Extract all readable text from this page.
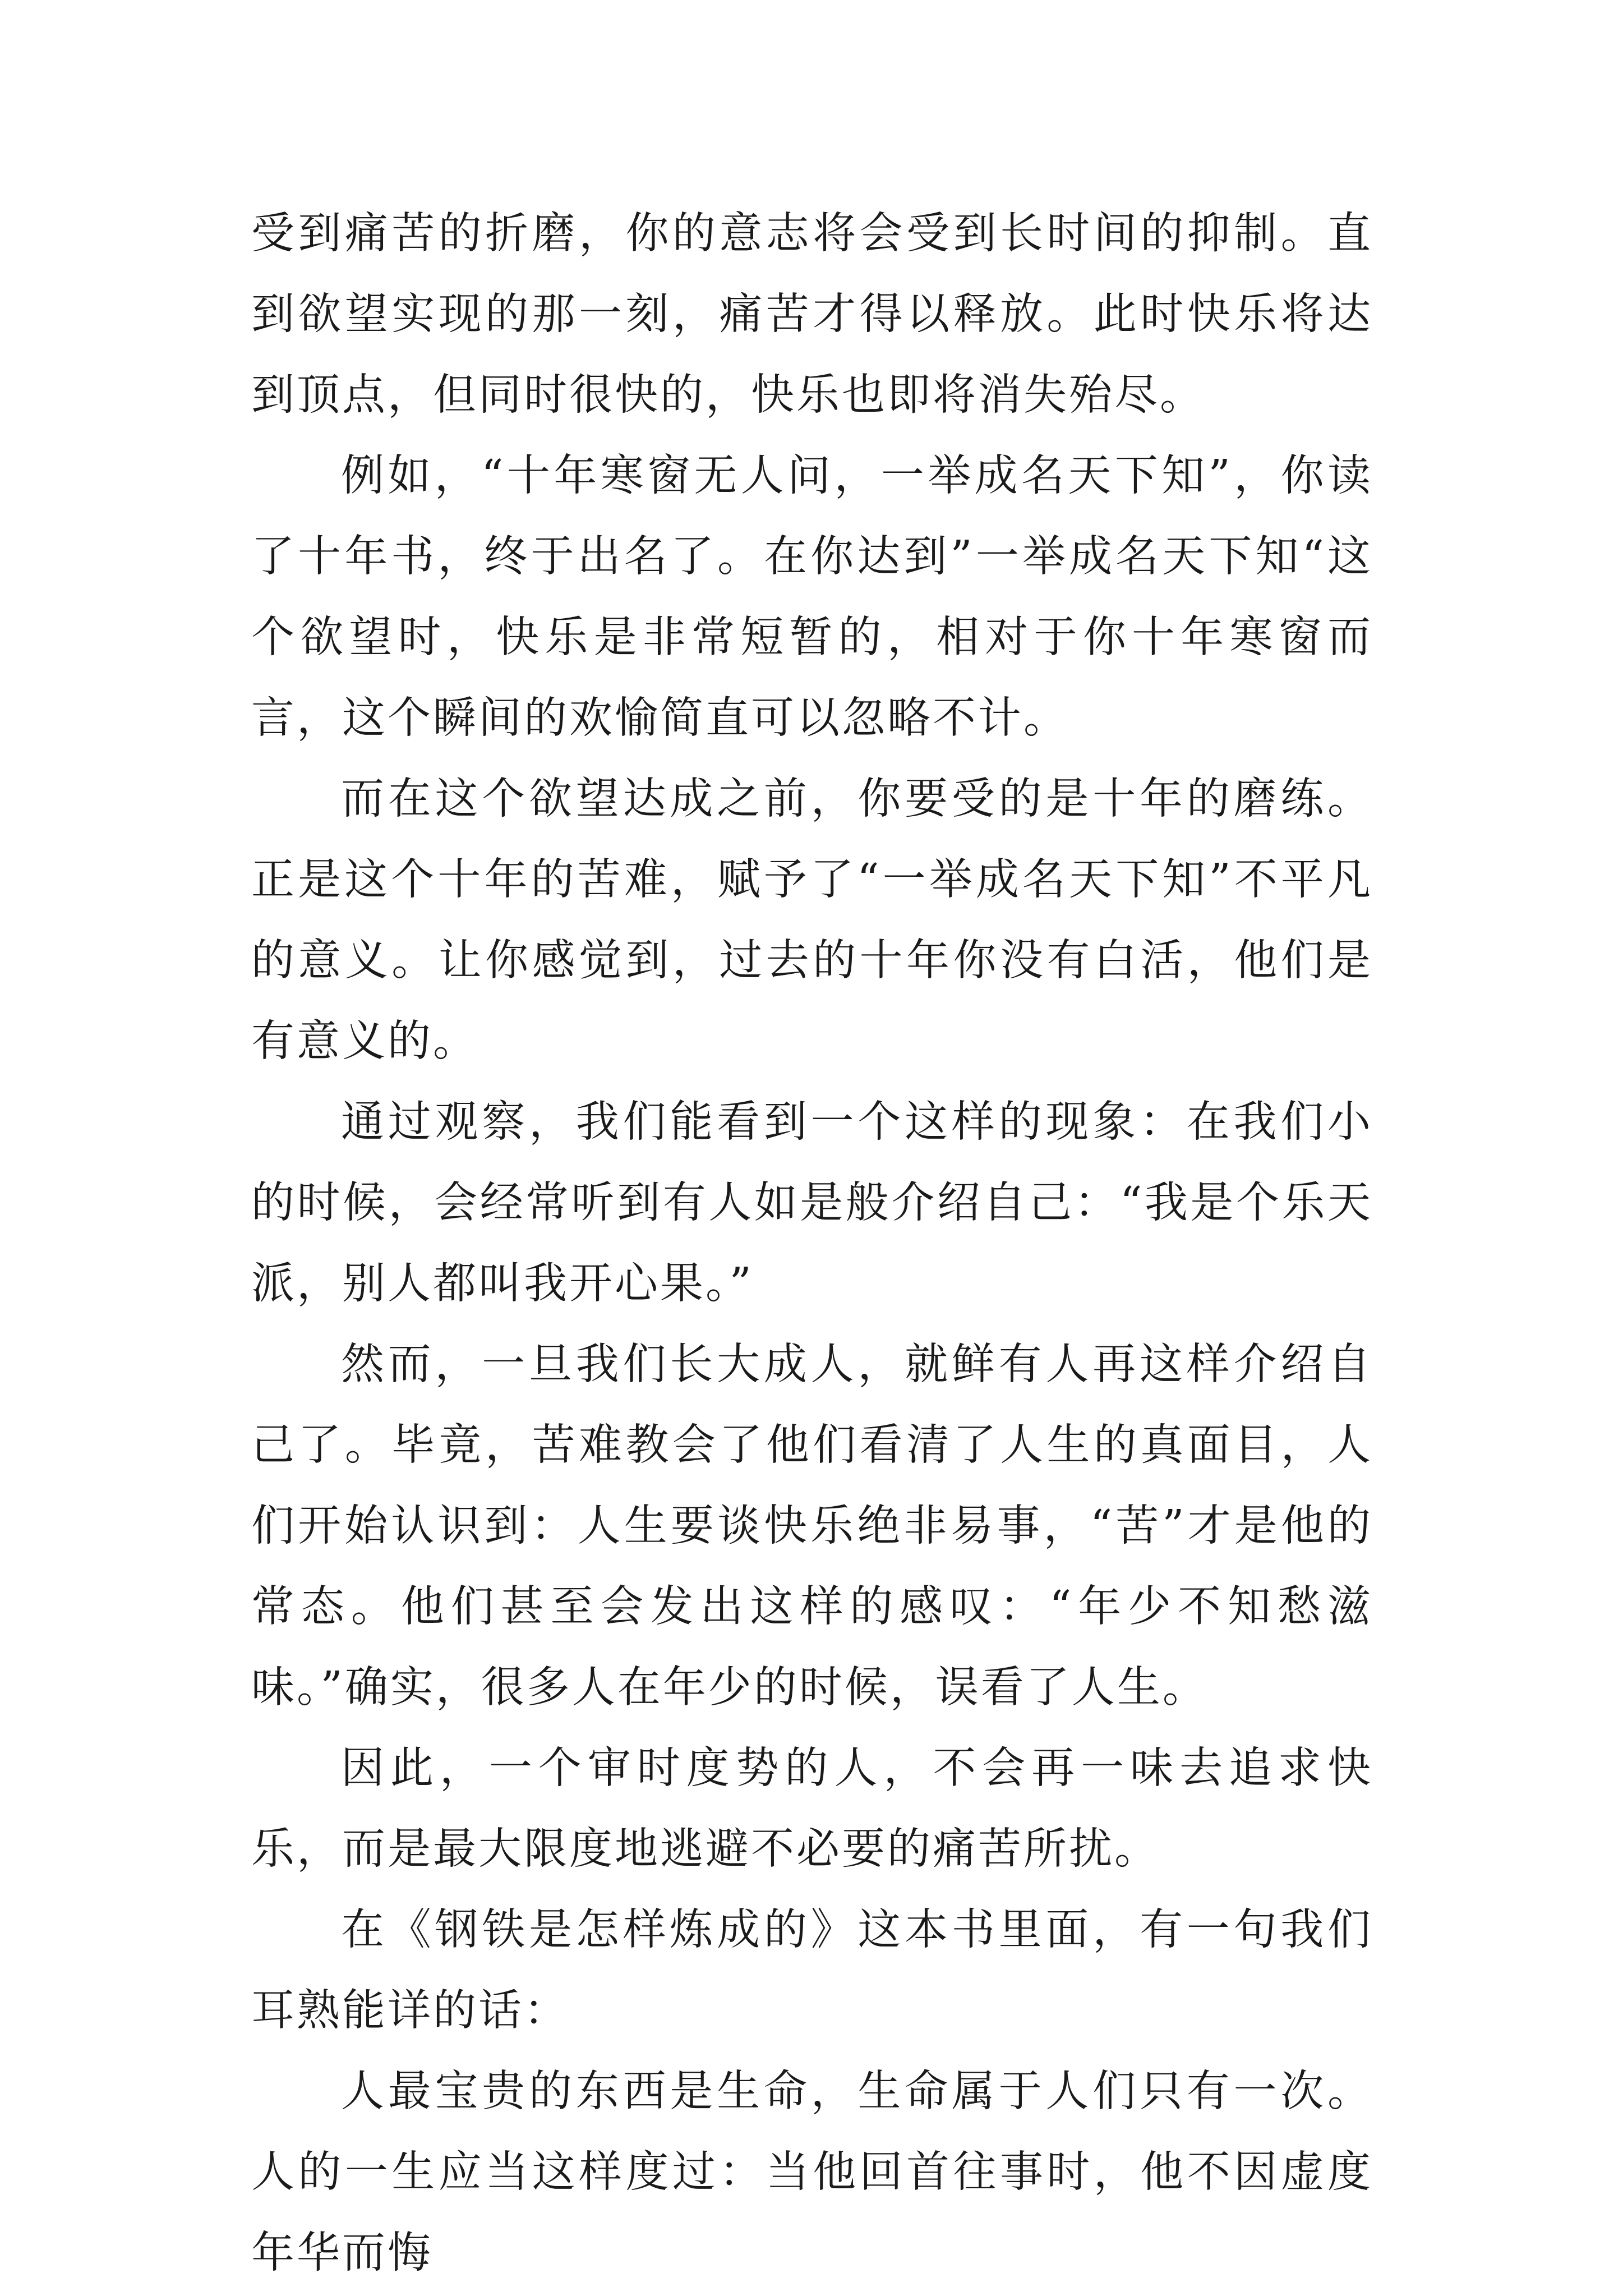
受到痛苦的折磨，你的意志将会受到长时间的抑制。直到欲望实现的那一刻，痛苦才得以释放。此时快乐将达到顶点，但同时很快的，快乐也即将消失殆尽。

例如，“十年寒窗无人问，一举成名天下知”，你读了十年书，终于出名了。在你达到”一举成名天下知“这个欲望时，快乐是非常短暂的，相对于你十年寒窗而言，这个瞬间的欢愉简直可以忽略不计。

而在这个欲望达成之前，你要受的是十年的磨练。正是这个十年的苦难，赋予了“一举成名天下知”不平凡的意义。让你感觉到，过去的十年你没有白活，他们是有意义的。

通过观察，我们能看到一个这样的现象：在我们小的时候，会经常听到有人如是般介绍自己：“我是个乐天派，别人都叫我开心果。”

然而，一旦我们长大成人，就鲜有人再这样介绍自己了。毕竟，苦难教会了他们看清了人生的真面目，人们开始认识到：人生要谈快乐绝非易事，“苦”才是他的常态。他们甚至会发出这样的感叹：“年少不知愁滋味。”确实，很多人在年少的时候，误看了人生。

因此，一个审时度势的人，不会再一味去追求快乐，而是最大限度地逃避不必要的痛苦所扰。

在《钢铁是怎样炼成的》这本书里面，有一句我们耳熟能详的话：

人最宝贵的东西是生命，生命属于人们只有一次。人的一生应当这样度过：当他回首往事时，他不因虚度年华而悔
